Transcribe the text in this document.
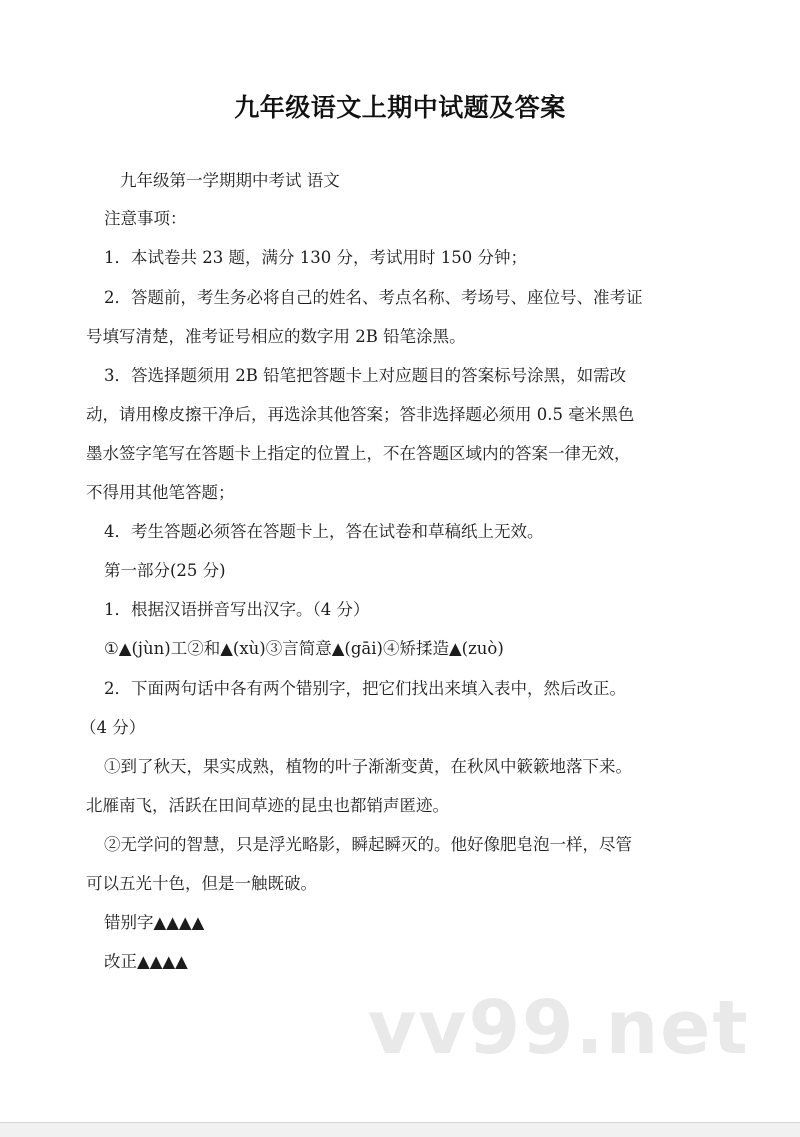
九年级语文上期中试题及答案
九年级第一学期期中考试 语文
注意事项：
1．本试卷共 23 题，满分 130 分，考试用时 150 分钟；
2．答题前，考生务必将自己的姓名、考点名称、考场号、座位号、准考证
号填写清楚，准考证号相应的数字用 2B 铅笔涂黑。
3．答选择题须用 2B 铅笔把答题卡上对应题目的答案标号涂黑，如需改
动，请用橡皮擦干净后，再选涂其他答案；答非选择题必须用 0.5 毫米黑色
墨水签字笔写在答题卡上指定的位置上，不在答题区域内的答案一律无效，
不得用其他笔答题；
4．考生答题必须答在答题卡上，答在试卷和草稿纸上无效。
第一部分(25 分)
1．根据汉语拼音写出汉字。（4 分）
①▲(jùn)工②和▲(xù)③言简意▲(gāi)④矫揉造▲(zuò)
2．下面两句话中各有两个错别字，把它们找出来填入表中，然后改正。
（4 分）
①到了秋天，果实成熟，植物的叶子渐渐变黄，在秋风中簌簌地落下来。
北雁南飞，活跃在田间草迹的昆虫也都销声匿迹。
②无学问的智慧，只是浮光略影，瞬起瞬灭的。他好像肥皂泡一样，尽管
可以五光十色，但是一触既破。
错别字▲▲▲▲
改正▲▲▲▲
vv99.net
